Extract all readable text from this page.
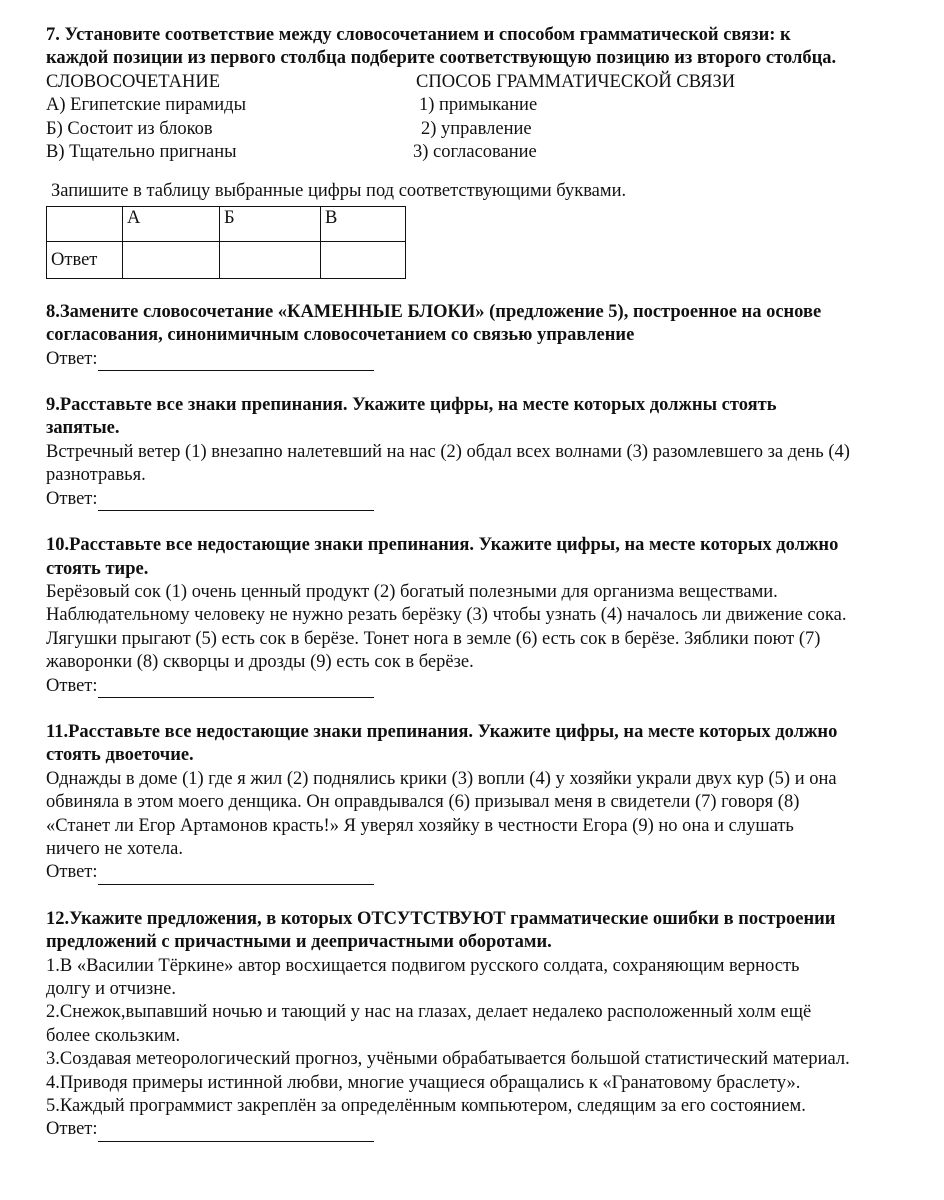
7. Установите соответствие между словосочетанием и способом грамматической связи: к
каждой позиции из первого столбца подберите соответствующую позицию из второго столбца.
СЛОВОСОЧЕТАНИЕ	СПОСОБ ГРАММАТИЧЕСКОЙ СВЯЗИ
А) Египетские пирамиды	1) примыкание
Б) Состоит из блоков	2) управление
В) Тщательно пригнаны	3) согласование
Запишите в таблицу выбранные цифры под соответствующими буквами.
	А	Б	В
Ответ			
8.Замените словосочетание «КАМЕННЫЕ БЛОКИ» (предложение 5), построенное на основе
согласования, синонимичным словосочетанием со связью управление
Ответ:
9.Расставьте все знаки препинания. Укажите цифры, на месте которых должны стоять
запятые.
Встречный ветер (1) внезапно налетевший на нас (2) обдал всех волнами (3) разомлевшего за день (4)
разнотравья.
Ответ:
10.Расставьте все недостающие знаки препинания. Укажите цифры, на месте которых должно
стоять тире.
Берёзовый сок (1) очень ценный продукт (2) богатый полезными для организма веществами.
Наблюдательному человеку не нужно резать берёзку (3) чтобы узнать (4) началось ли движение сока.
Лягушки прыгают (5) есть сок в берёзе. Тонет нога в земле (6) есть сок в берёзе. Зяблики поют (7)
жаворонки (8) скворцы и дрозды (9) есть сок в берёзе.
Ответ:
11.Расставьте все недостающие знаки препинания. Укажите цифры, на месте которых должно
стоять двоеточие.
Однажды в доме (1) где я жил (2) поднялись крики (3) вопли (4) у хозяйки украли двух кур (5) и она
обвиняла в этом моего денщика. Он оправдывался (6) призывал меня в свидетели (7) говоря (8)
«Станет ли Егор Артамонов красть!» Я уверял хозяйку в честности Егора (9) но она и слушать
ничего не хотела.
Ответ:
12.Укажите предложения, в которых ОТСУТСТВУЮТ грамматические ошибки в построении
предложений с причастными и деепричастными оборотами.
1.В «Василии Тёркине» автор восхищается подвигом русского солдата, сохраняющим верность
долгу и отчизне.
2.Снежок,выпавший ночью и тающий у нас на глазах, делает недалеко расположенный холм ещё
более скользким.
3.Создавая метеорологический прогноз, учёными обрабатывается большой статистический материал.
4.Приводя примеры истинной любви, многие учащиеся обращались к «Гранатовому браслету».
5.Каждый программист закреплён за определённым компьютером, следящим за его состоянием.
Ответ:
